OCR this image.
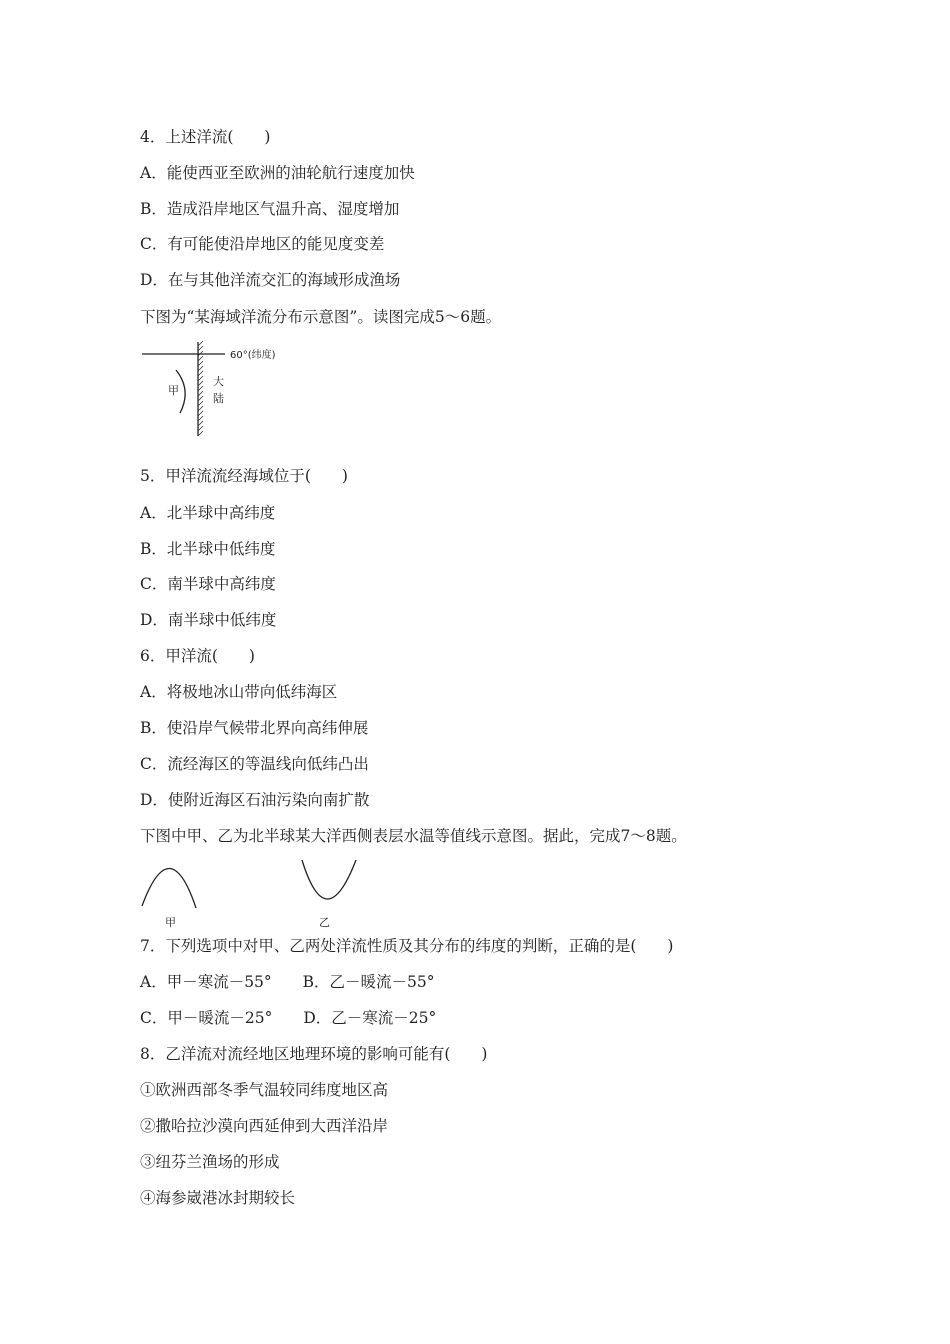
4．上述洋流(　　)
A．能使西亚至欧洲的油轮航行速度加快
B．造成沿岸地区气温升高、湿度增加
C．有可能使沿岸地区的能见度变差
D．在与其他洋流交汇的海域形成渔场
下图为“某海域洋流分布示意图”。读图完成5～6题。
60°(纬度)
甲
大
陆
5．甲洋流流经海域位于(　　)
A．北半球中高纬度
B．北半球中低纬度
C．南半球中高纬度
D．南半球中低纬度
6．甲洋流(　　)
A．将极地冰山带向低纬海区
B．使沿岸气候带北界向高纬伸展
C．流经海区的等温线向低纬凸出
D．使附近海区石油污染向南扩散
下图中甲、乙为北半球某大洋西侧表层水温等值线示意图。据此，完成7～8题。
甲	乙
7．下列选项中对甲、乙两处洋流性质及其分布的纬度的判断，正确的是(　　)
A．甲－寒流－55°　　B．乙－暖流－55°
C．甲－暖流－25°　　D．乙－寒流－25°
8．乙洋流对流经地区地理环境的影响可能有(　　)
①欧洲西部冬季气温较同纬度地区高
②撒哈拉沙漠向西延伸到大西洋沿岸
③纽芬兰渔场的形成
④海参崴港冰封期较长
